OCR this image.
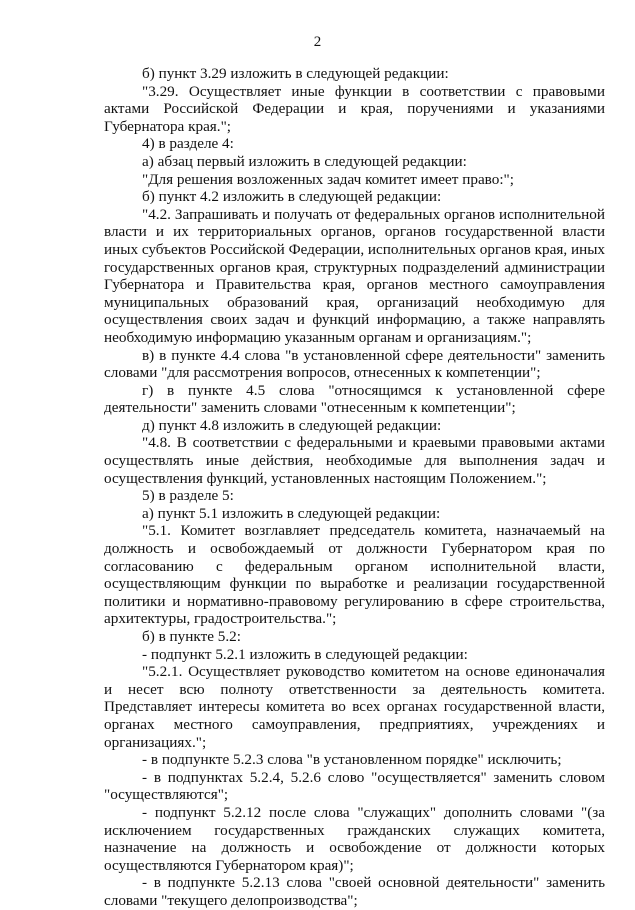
2

б) пункт 3.29 изложить в следующей редакции:

"3.29. Осуществляет иные функции в соответствии с правовыми актами Российской Федерации и края, поручениями и указаниями Губернатора края.";

4) в разделе 4:

а) абзац первый изложить в следующей редакции:

"Для решения возложенных задач комитет имеет право:";

б) пункт 4.2 изложить в следующей редакции:

"4.2. Запрашивать и получать от федеральных органов исполнительной власти и их территориальных органов, органов государственной власти иных субъектов Российской Федерации, исполнительных органов края, иных государственных органов края, структурных подразделений администрации Губернатора и Правительства края, органов местного самоуправления муниципальных образований края, организаций необходимую для осуществления своих задач и функций информацию, а также направлять необходимую информацию указанным органам и организациям.";

в) в пункте 4.4 слова "в установленной сфере деятельности" заменить словами "для рассмотрения вопросов, отнесенных к компетенции";

г) в пункте 4.5 слова "относящимся к установленной сфере деятельности" заменить словами "отнесенным к компетенции";

д) пункт 4.8 изложить в следующей редакции:

"4.8. В соответствии с федеральными и краевыми правовыми актами осуществлять иные действия, необходимые для выполнения задач и осуществления функций, установленных настоящим Положением.";

5) в разделе 5:

а) пункт 5.1 изложить в следующей редакции:

"5.1. Комитет возглавляет председатель комитета, назначаемый на должность и освобождаемый от должности Губернатором края по согласованию с федеральным органом исполнительной власти, осуществляющим функции по выработке и реализации государственной политики и нормативно-правовому регулированию в сфере строительства, архитектуры, градостроительства.";

б) в пункте 5.2:

- подпункт 5.2.1 изложить в следующей редакции:

"5.2.1. Осуществляет руководство комитетом на основе единоначалия и несет всю полноту ответственности за деятельность комитета. Представляет интересы комитета во всех органах государственной власти, органах местного самоуправления, предприятиях, учреждениях и организациях.";

- в подпункте 5.2.3 слова "в установленном порядке" исключить;

- в подпунктах 5.2.4, 5.2.6 слово "осуществляется" заменить словом "осуществляются";

- подпункт 5.2.12 после слова "служащих" дополнить словами "(за исключением государственных гражданских служащих комитета, назначение на должность и освобождение от должности которых осуществляются Губернатором края)";

- в подпункте 5.2.13 слова "своей основной деятельности" заменить словами "текущего делопроизводства";
